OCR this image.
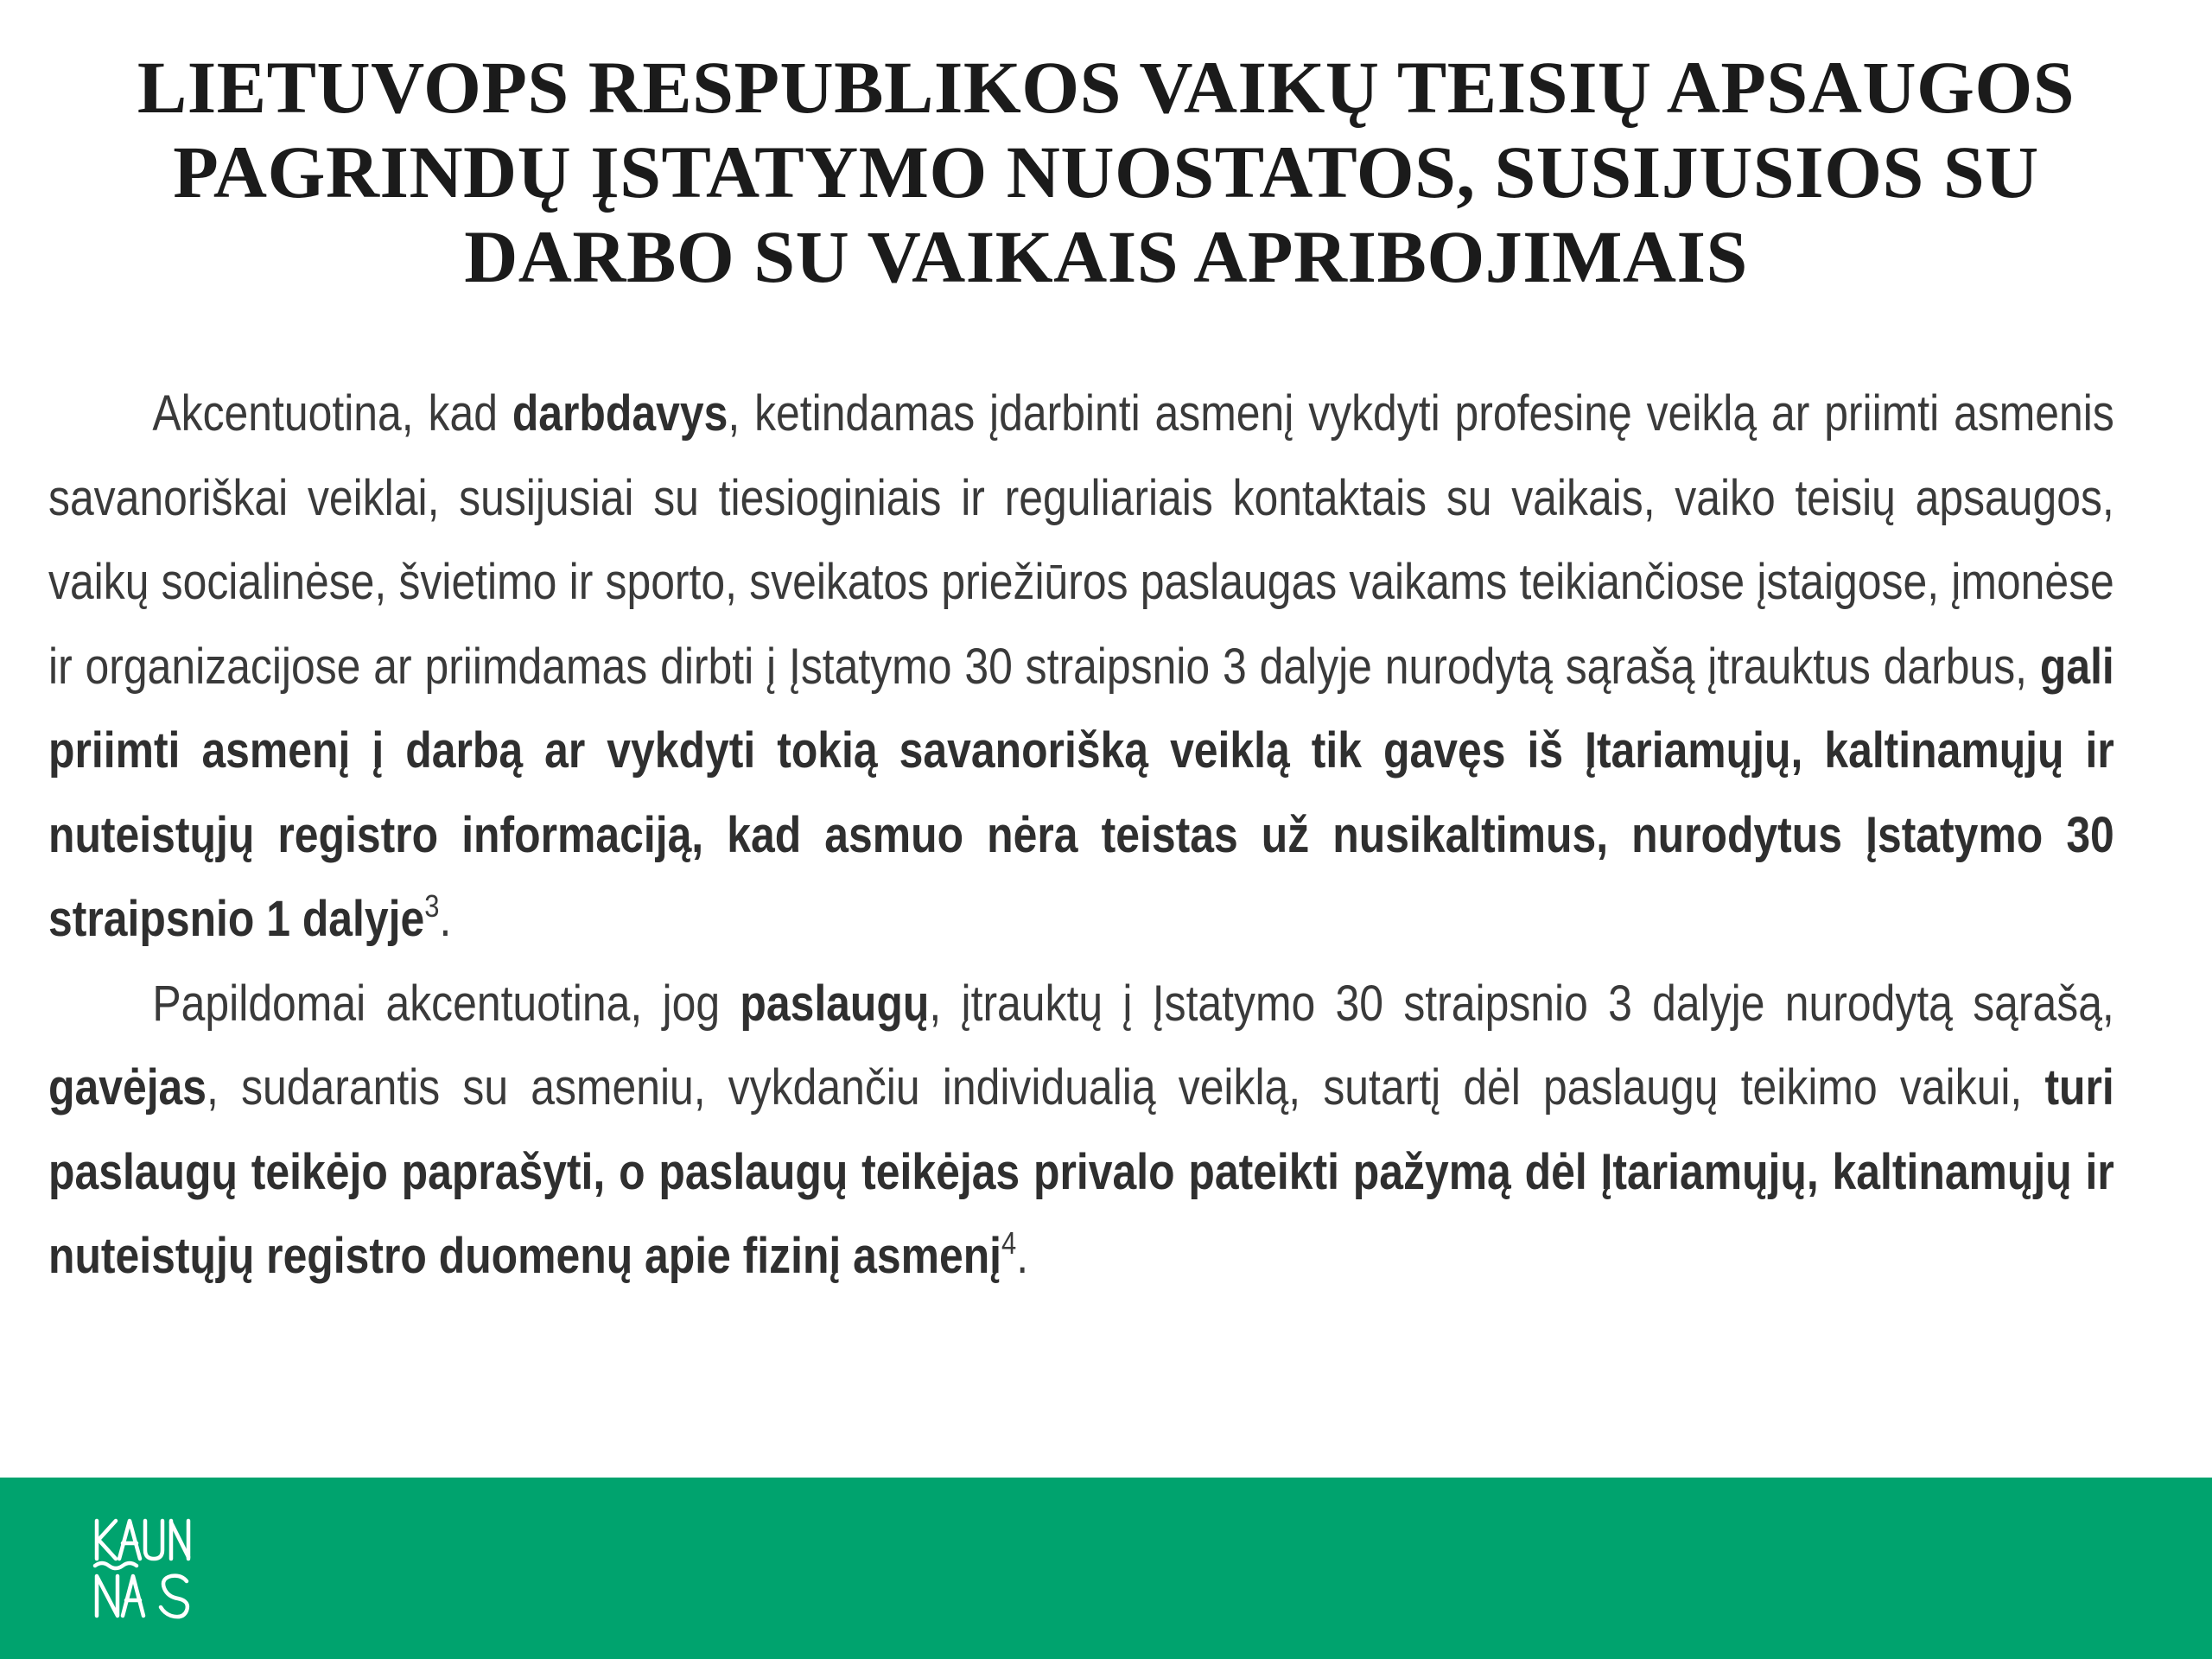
LIETUVOPS RESPUBLIKOS VAIKŲ TEISIŲ APSAUGOS
PAGRINDŲ ĮSTATYMO NUOSTATOS, SUSIJUSIOS SU
DARBO SU VAIKAIS APRIBOJIMAIS

Akcentuotina, kad darbdavys, ketindamas įdarbinti asmenį vykdyti profesinę veiklą ar priimti asmenis savanoriškai veiklai, susijusiai su tiesioginiais ir reguliariais kontaktais su vaikais, vaiko teisių apsaugos, vaikų socialinėse, švietimo ir sporto, sveikatos priežiūros paslaugas vaikams teikiančiose įstaigose, įmonėse ir organizacijose ar priimdamas dirbti į Įstatymo 30 straipsnio 3 dalyje nurodytą sąrašą įtrauktus darbus, gali priimti asmenį į darbą ar vykdyti tokią savanorišką veiklą tik gavęs iš Įtariamųjų, kaltinamųjų ir nuteistųjų registro informaciją, kad asmuo nėra teistas už nusikaltimus, nurodytus Įstatymo 30 straipsnio 1 dalyje$^3$.

Papildomai akcentuotina, jog paslaugų, įtrauktų į Įstatymo 30 straipsnio 3 dalyje nurodytą sąrašą, gavėjas, sudarantis su asmeniu, vykdančiu individualią veiklą, sutartį dėl paslaugų teikimo vaikui, turi paslaugų teikėjo paprašyti, o paslaugų teikėjas privalo pateikti pažymą dėl Įtariamųjų, kaltinamųjų ir nuteistųjų registro duomenų apie fizinį asmenį$^4$.
